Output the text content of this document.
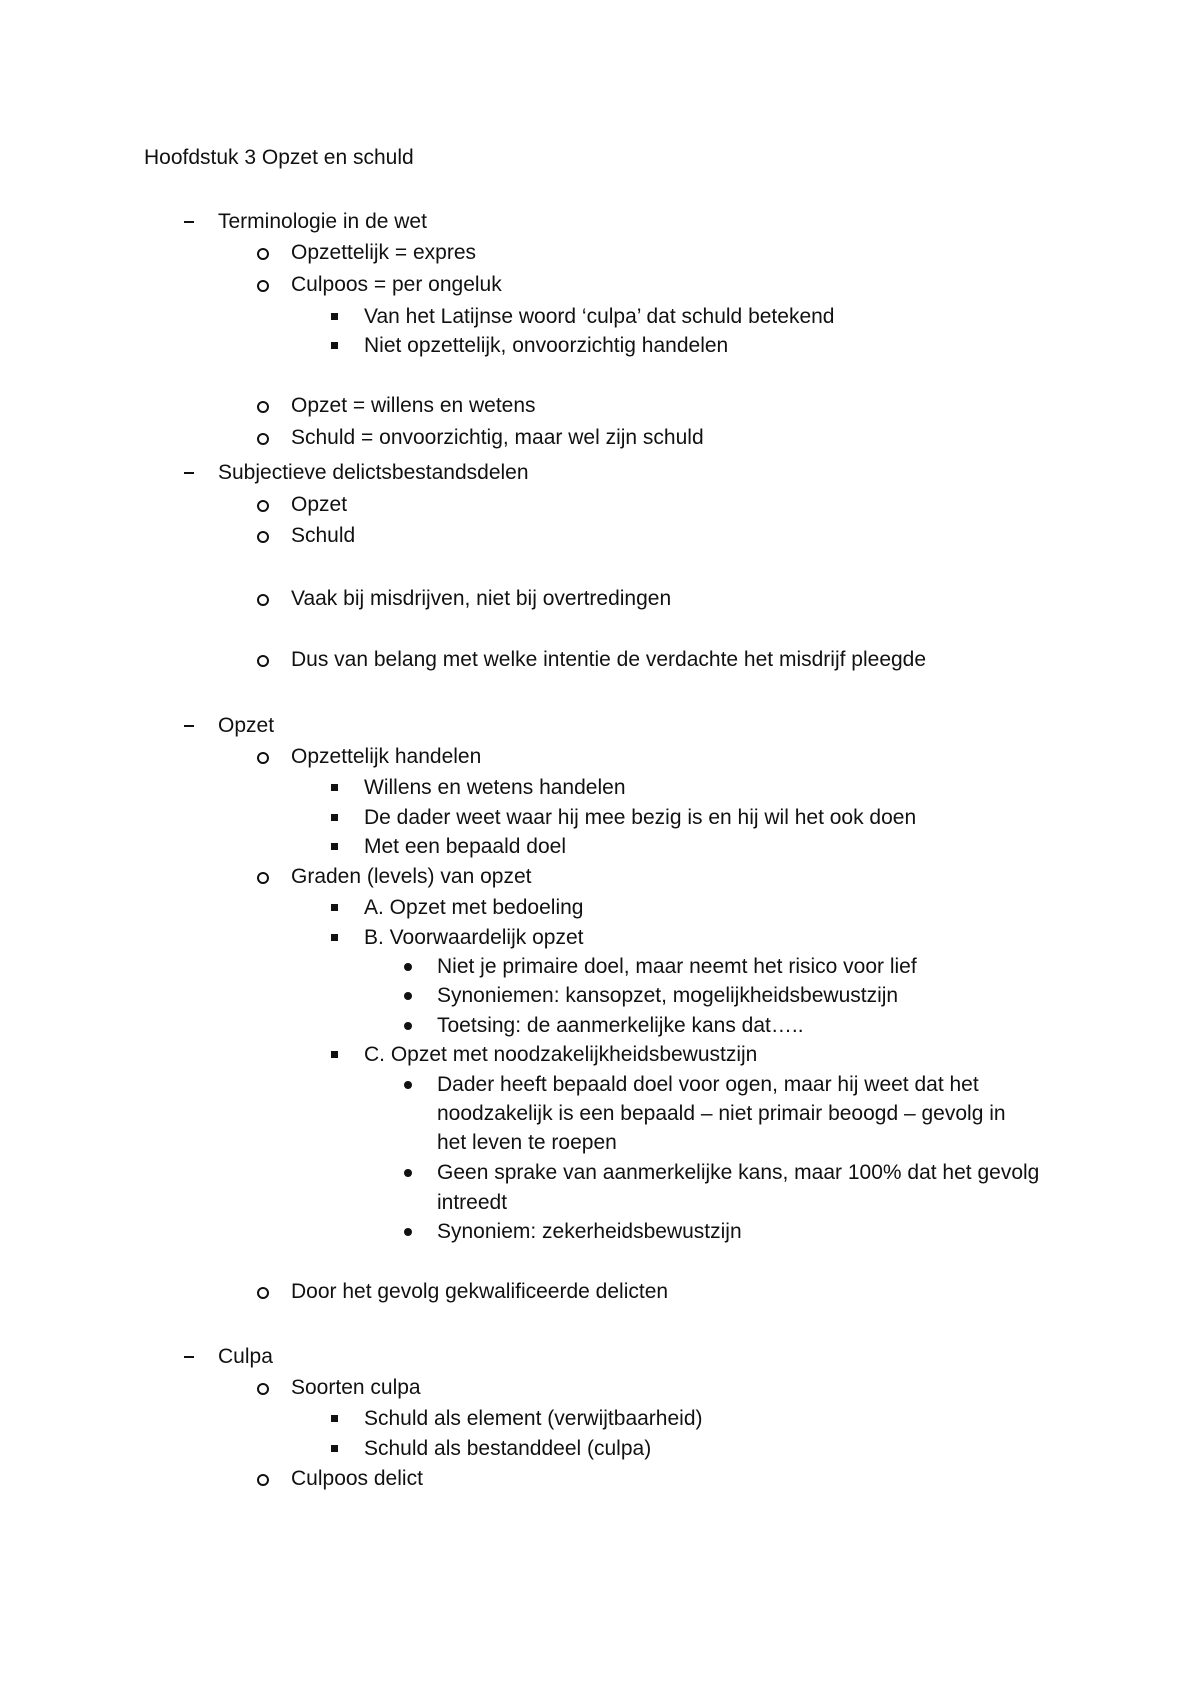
Hoofdstuk 3 Opzet en schuld
Terminologie in de wet
Opzettelijk = expres
Culpoos = per ongeluk
Van het Latijnse woord ‘culpa’ dat schuld betekend
Niet opzettelijk, onvoorzichtig handelen
Opzet = willens en wetens
Schuld = onvoorzichtig, maar wel zijn schuld
Subjectieve delictsbestandsdelen
Opzet
Schuld
Vaak bij misdrijven, niet bij overtredingen
Dus van belang met welke intentie de verdachte het misdrijf pleegde
Opzet
Opzettelijk handelen
Willens en wetens handelen
De dader weet waar hij mee bezig is en hij wil het ook doen
Met een bepaald doel
Graden (levels) van opzet
A. Opzet met bedoeling
B. Voorwaardelijk opzet
Niet je primaire doel, maar neemt het risico voor lief
Synoniemen: kansopzet, mogelijkheidsbewustzijn
Toetsing: de aanmerkelijke kans dat…..
C. Opzet met noodzakelijkheidsbewustzijn
Dader heeft bepaald doel voor ogen, maar hij weet dat het
noodzakelijk is een bepaald – niet primair beoogd – gevolg in
het leven te roepen
Geen sprake van aanmerkelijke kans, maar 100% dat het gevolg
intreedt
Synoniem: zekerheidsbewustzijn
Door het gevolg gekwalificeerde delicten
Culpa
Soorten culpa
Schuld als element (verwijtbaarheid)
Schuld als bestanddeel (culpa)
Culpoos delict
